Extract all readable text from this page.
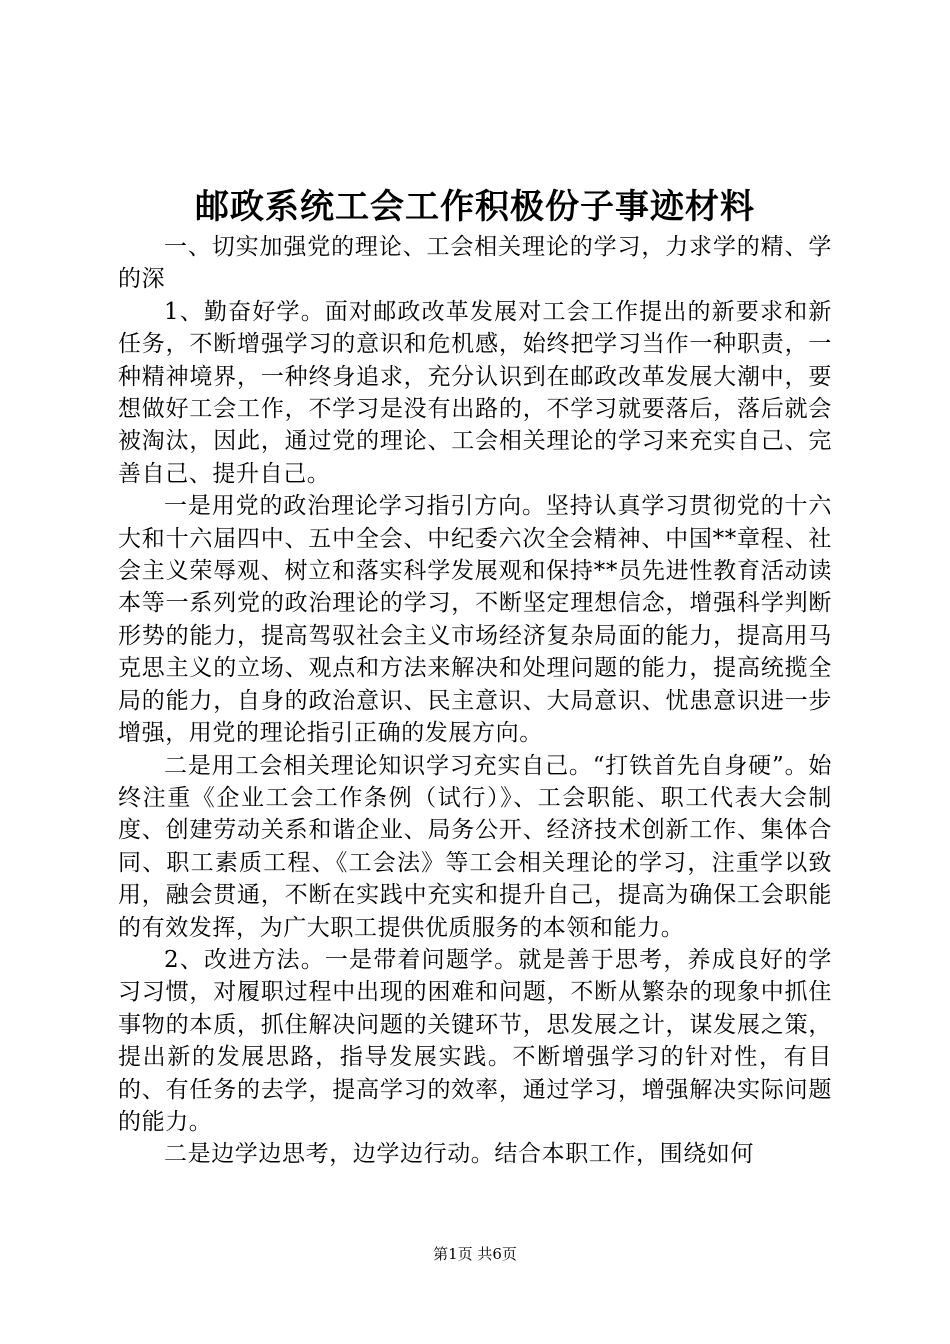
邮政系统工会工作积极份子事迹材料

一、切实加强党的理论、工会相关理论的学习，力求学的精、学的深

1、勤奋好学。面对邮政改革发展对工会工作提出的新要求和新任务，不断增强学习的意识和危机感，始终把学习当作一种职责，一种精神境界，一种终身追求，充分认识到在邮政改革发展大潮中，要想做好工会工作，不学习是没有出路的，不学习就要落后，落后就会被淘汰，因此，通过党的理论、工会相关理论的学习来充实自己、完善自己、提升自己。

一是用党的政治理论学习指引方向。坚持认真学习贯彻党的十六大和十六届四中、五中全会、中纪委六次全会精神、中国**章程、社会主义荣辱观、树立和落实科学发展观和保持**员先进性教育活动读本等一系列党的政治理论的学习，不断坚定理想信念，增强科学判断形势的能力，提高驾驭社会主义市场经济复杂局面的能力，提高用马克思主义的立场、观点和方法来解决和处理问题的能力，提高统揽全局的能力，自身的政治意识、民主意识、大局意识、忧患意识进一步增强，用党的理论指引正确的发展方向。

二是用工会相关理论知识学习充实自己。“打铁首先自身硬”。始终注重《企业工会工作条例（试行）》、工会职能、职工代表大会制度、创建劳动关系和谐企业、局务公开、经济技术创新工作、集体合同、职工素质工程、《工会法》等工会相关理论的学习，注重学以致用，融会贯通，不断在实践中充实和提升自己，提高为确保工会职能的有效发挥，为广大职工提供优质服务的本领和能力。

2、改进方法。一是带着问题学。就是善于思考，养成良好的学习习惯，对履职过程中出现的困难和问题，不断从繁杂的现象中抓住事物的本质，抓住解决问题的关键环节，思发展之计，谋发展之策，提出新的发展思路，指导发展实践。不断增强学习的针对性，有目的、有任务的去学，提高学习的效率，通过学习，增强解决实际问题的能力。

二是边学边思考，边学边行动。结合本职工作，围绕如何

第1页 共6页
